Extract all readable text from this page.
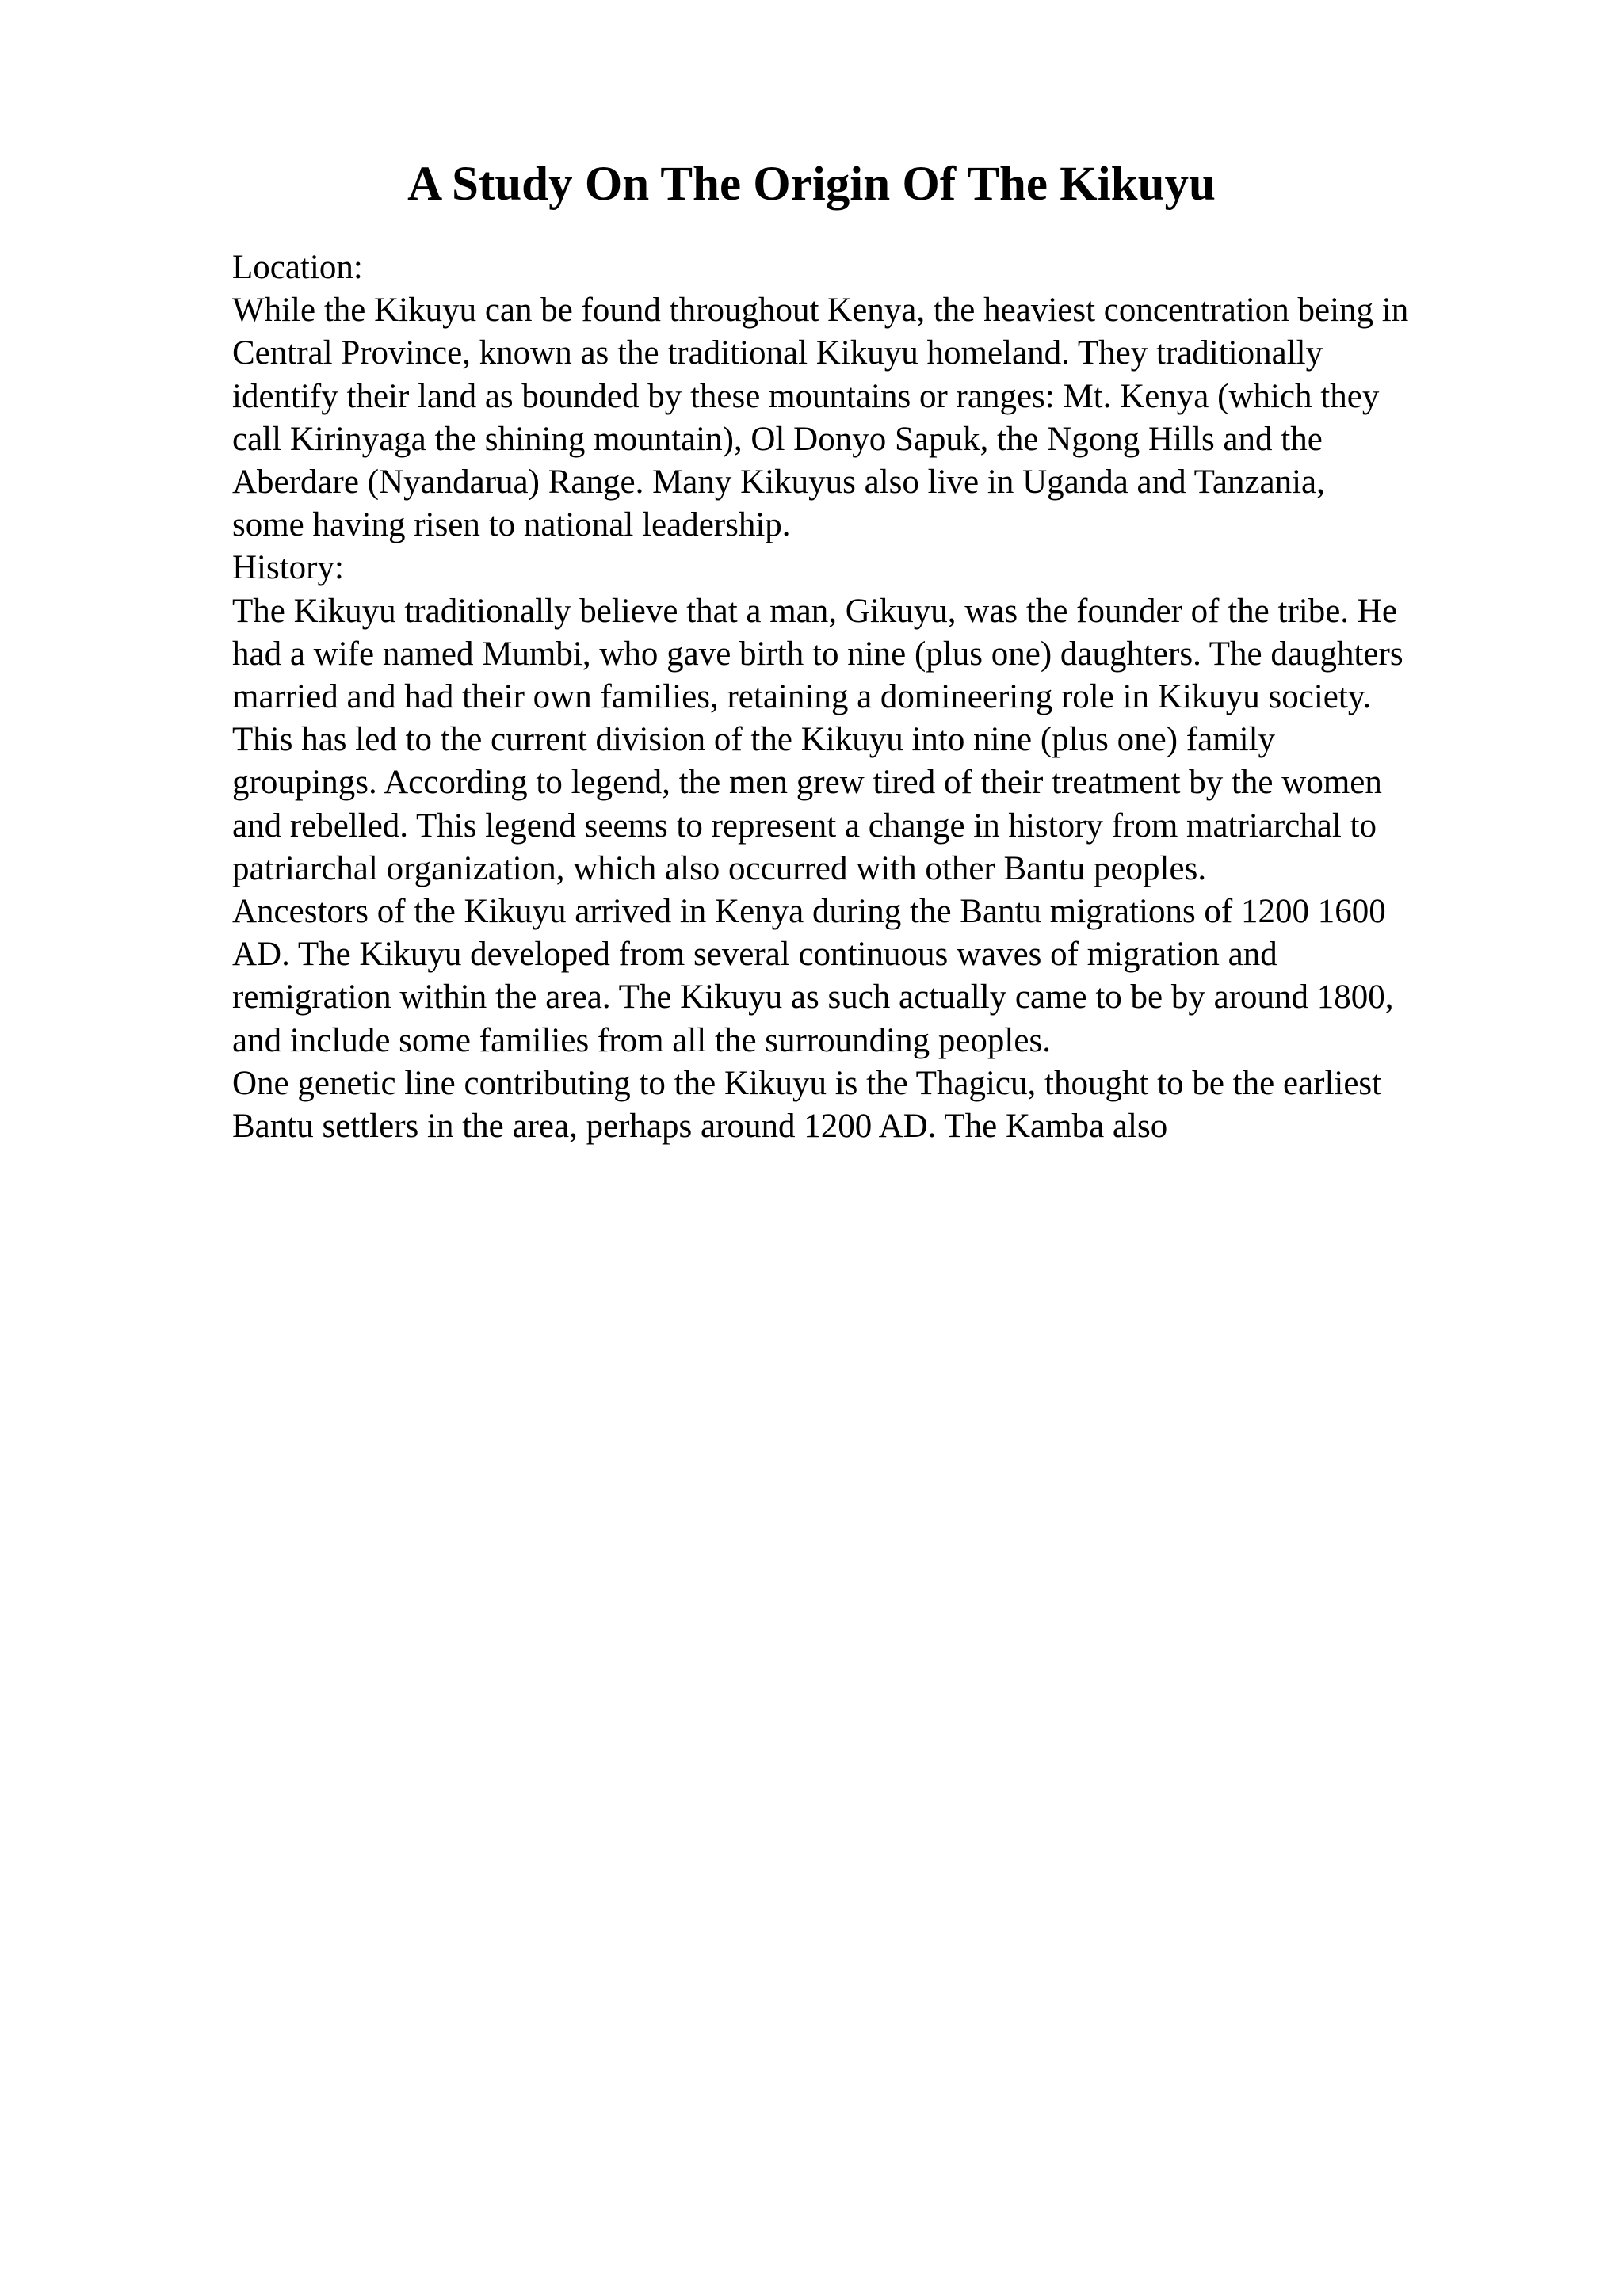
A Study On The Origin Of The Kikuyu
Location:
While the Kikuyu can be found throughout Kenya, the heaviest concentration being in
Central Province, known as the traditional Kikuyu homeland. They traditionally
identify their land as bounded by these mountains or ranges: Mt. Kenya (which they
call Kirinyaga the shining mountain), Ol Donyo Sapuk, the Ngong Hills and the
Aberdare (Nyandarua) Range. Many Kikuyus also live in Uganda and Tanzania,
some having risen to national leadership.
History:
The Kikuyu traditionally believe that a man, Gikuyu, was the founder of the tribe. He
had a wife named Mumbi, who gave birth to nine (plus one) daughters. The daughters
married and had their own families, retaining a domineering role in Kikuyu society.
This has led to the current division of the Kikuyu into nine (plus one) family
groupings. According to legend, the men grew tired of their treatment by the women
and rebelled. This legend seems to represent a change in history from matriarchal to
patriarchal organization, which also occurred with other Bantu peoples.
Ancestors of the Kikuyu arrived in Kenya during the Bantu migrations of 1200 1600
AD. The Kikuyu developed from several continuous waves of migration and
remigration within the area. The Kikuyu as such actually came to be by around 1800,
and include some families from all the surrounding peoples.
One genetic line contributing to the Kikuyu is the Thagicu, thought to be the earliest
Bantu settlers in the area, perhaps around 1200 AD. The Kamba also
